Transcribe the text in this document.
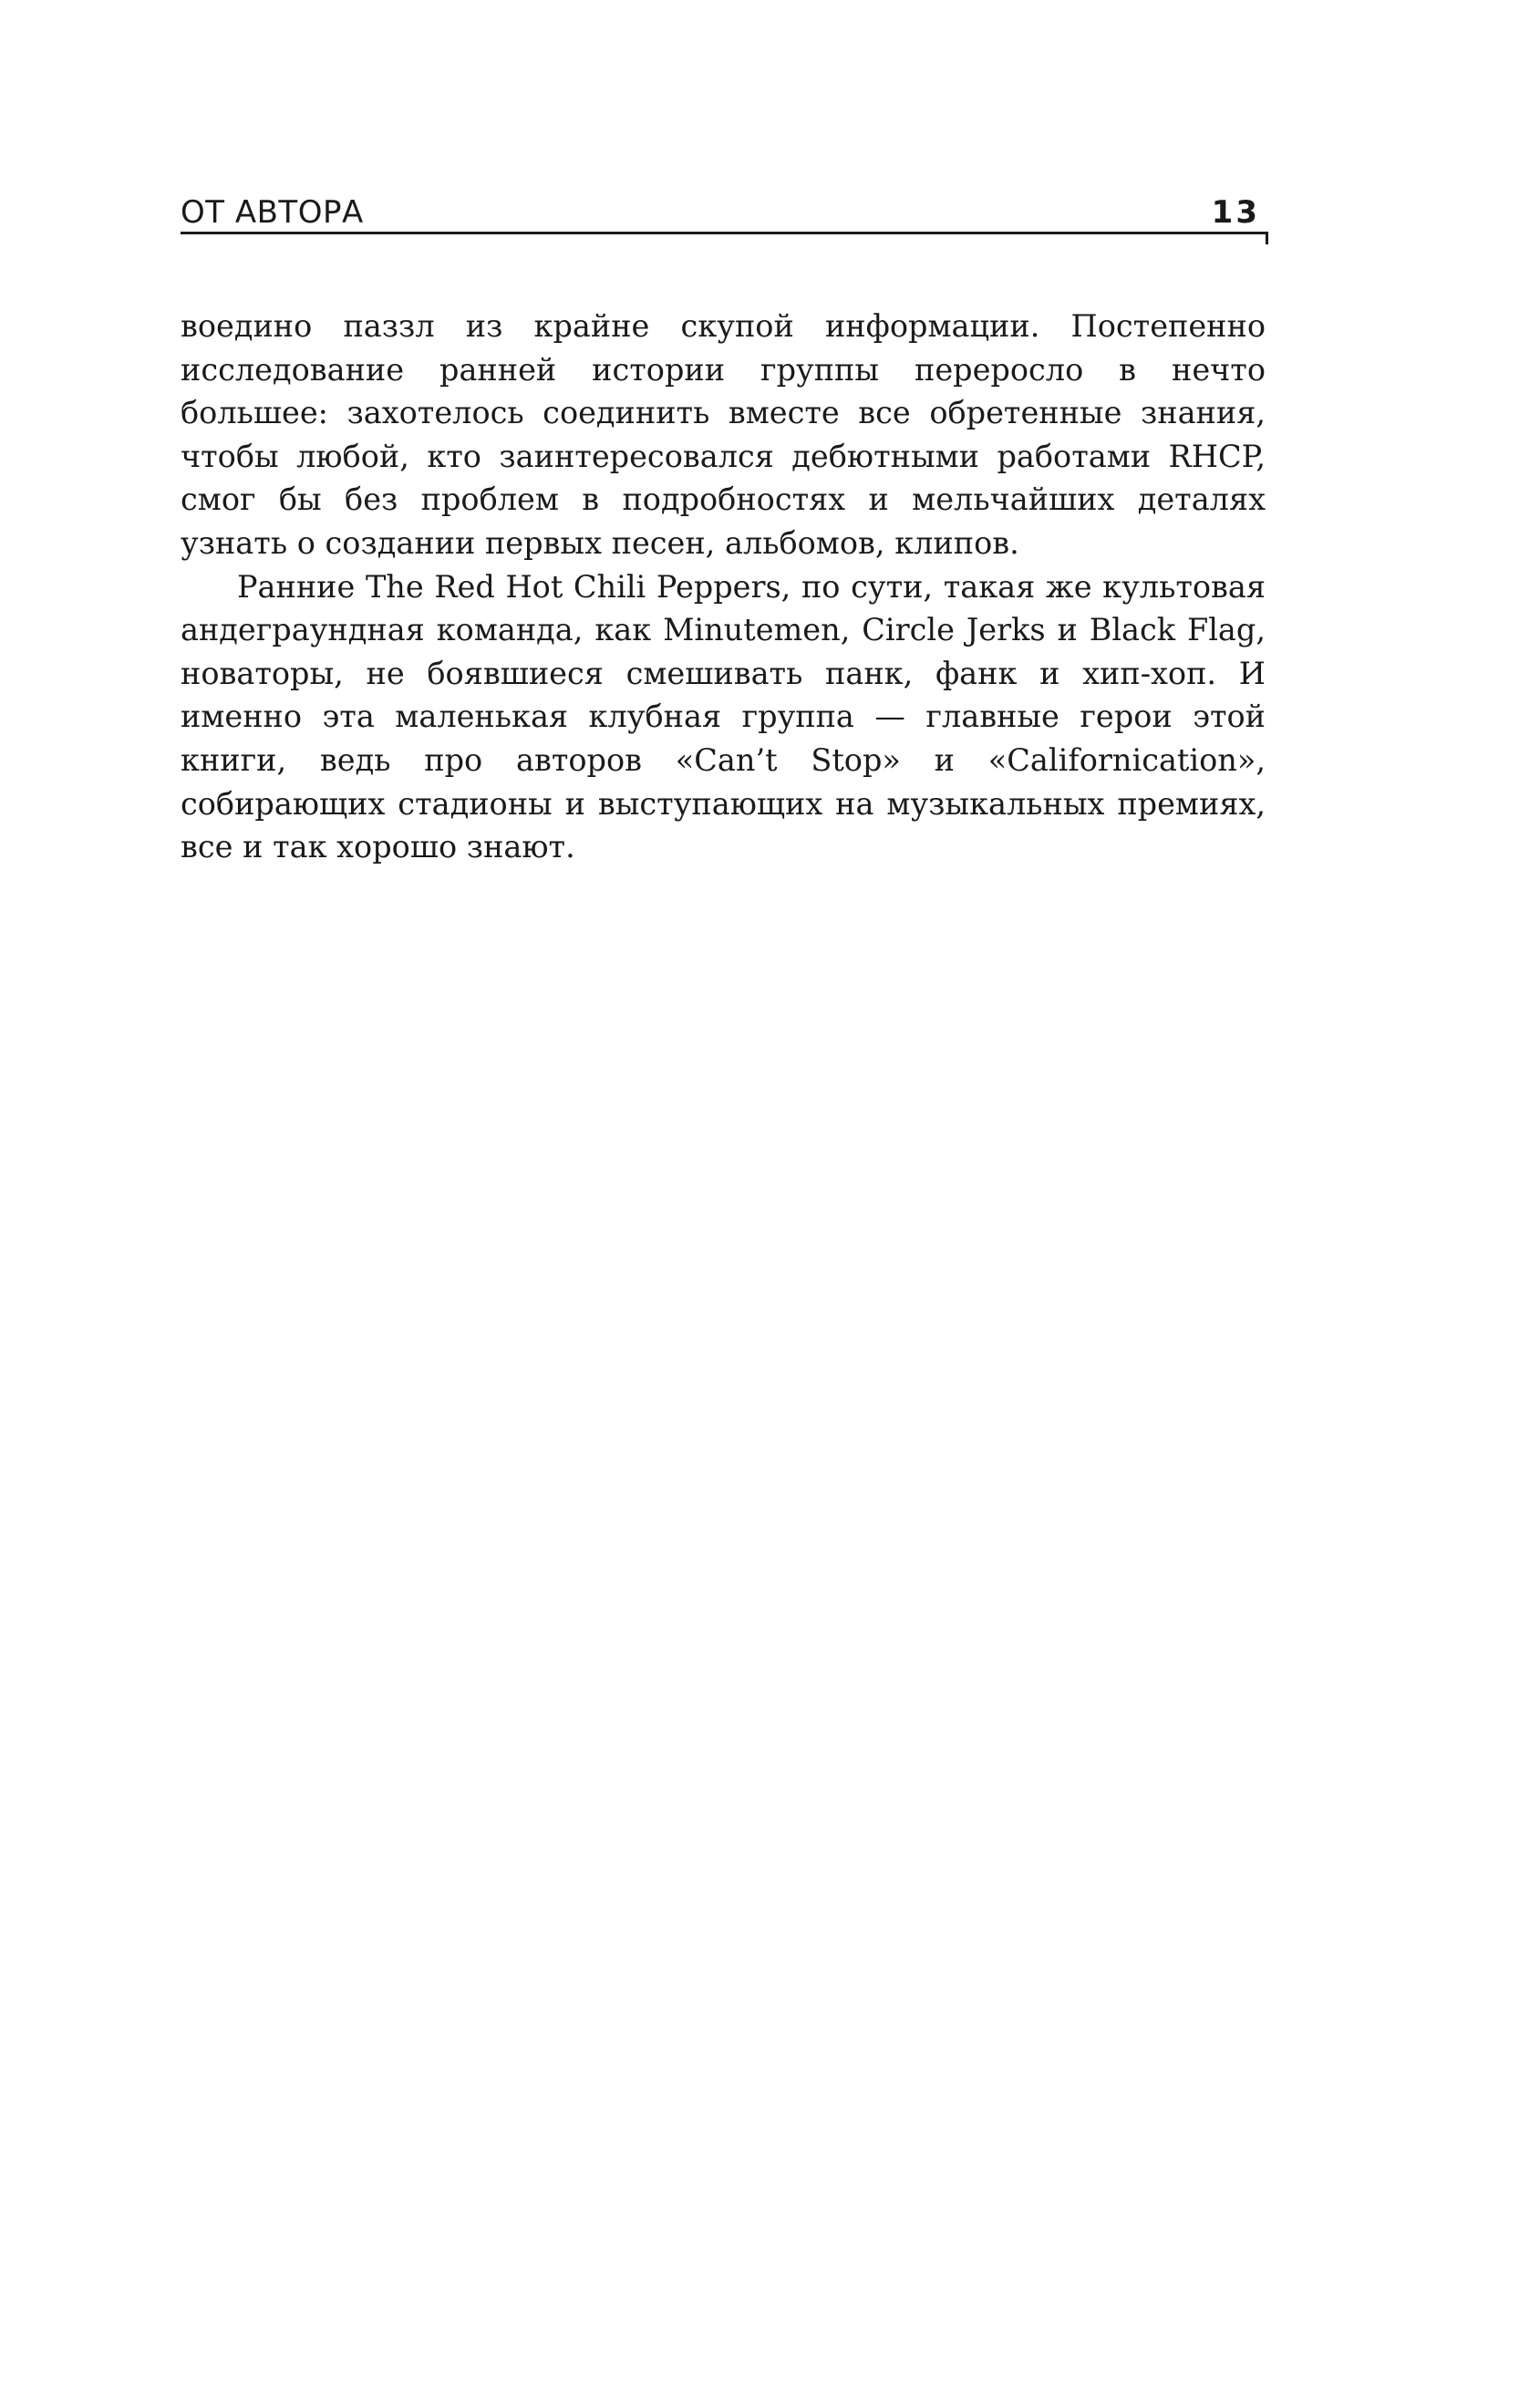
ОТ АВТОРА	13

воедино паззл из крайне скупой информации. Постепенно исследование ранней истории группы переросло в нечто большее: захотелось соединить вместе все обретенные знания, чтобы любой, кто заинтересовался дебютными работами RHCP, смог бы без проблем в подробностях и мельчайших деталях узнать о создании первых песен, альбомов, клипов.

Ранние The Red Hot Chili Peppers, по сути, такая же культовая андеграундная команда, как Minutemen, Circle Jerks и Black Flag, новаторы, не боявшиеся смешивать панк, фанк и хип-хоп. И именно эта маленькая клубная группа — главные герои этой книги, ведь про авторов «Can’t Stop» и «Californication», собирающих стадионы и выступающих на музыкальных премиях, все и так хорошо знают.
